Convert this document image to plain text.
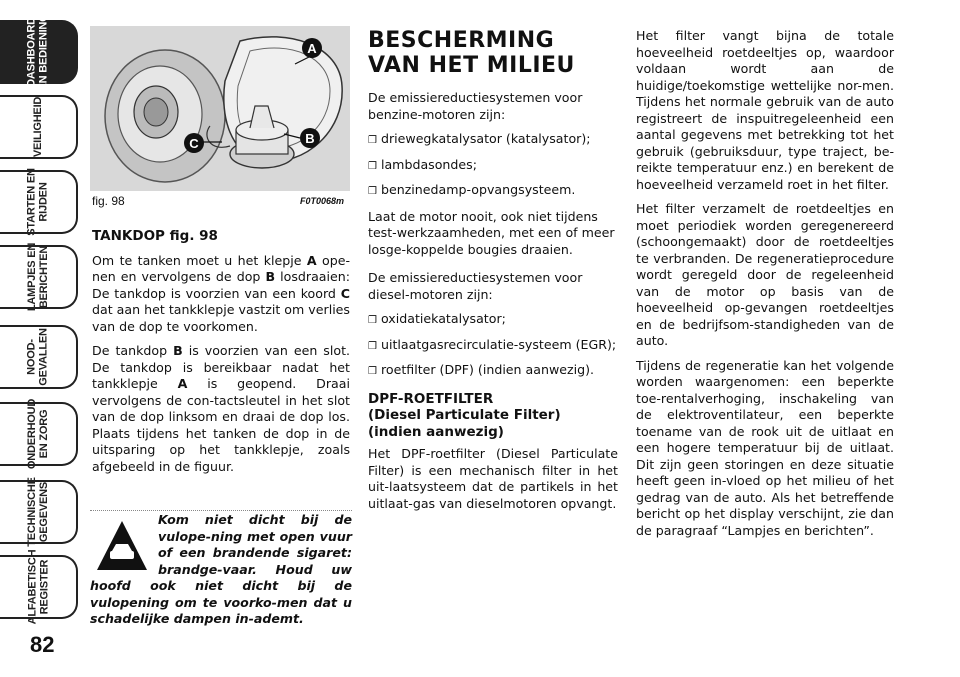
DASHBOARD
EN BEDIENING
VEILIGHEID
STARTEN EN
RIJDEN
LAMPJES EN
BERICHTEN
NOOD-
GEVALLEN
ONDERHOUD
EN ZORG
TECHNISCHE
GEGEVENS
ALFABETISCH
REGISTER
82
A
B
C
fig. 98	F0T0068m
TANKDOP fig. 98

Om te tanken moet u het klepje A ope-nen en vervolgens de dop B losdraaien: De tankdop is voorzien van een koord C dat aan het tankklepje vastzit om verlies van de dop te voorkomen.

De tankdop B is voorzien van een slot. De tankdop is bereikbaar nadat het tankklepje A is geopend. Draai vervolgens de con-tactsleutel in het slot van de dop linksom en draai de dop los. Plaats tijdens het tanken de dop in de uitsparing op het tankklepje, zoals afgebeeld in de figuur.

Kom niet dicht bij de vulope-ning met open vuur of een brandende sigaret: brandge-vaar. Houd uw hoofd ook niet dicht bij de vulopening om te voorko-men dat u schadelijke dampen in-ademt.
BESCHERMING
VAN HET MILIEU

De emissiereductiesystemen voor benzine-motoren zijn:

❒ driewegkatalysator (katalysator);
❒ lambdasondes;
❒ benzinedamp-opvangsysteem.

Laat de motor nooit, ook niet tijdens test-werkzaamheden, met een of meer losge-koppelde bougies draaien.

De emissiereductiesystemen voor diesel-motoren zijn:

❒ oxidatiekatalysator;
❒ uitlaatgasrecirculatie-systeem (EGR);
❒ roetfilter (DPF) (indien aanwezig).
DPF-ROETFILTER
(Diesel Particulate Filter)
(indien aanwezig)

Het DPF-roetfilter (Diesel Particulate Filter) is een mechanisch filter in het uit-laatsysteem dat de partikels in het uitlaat-gas van dieselmotoren opvangt.

Het filter vangt bijna de totale hoeveelheid roetdeeltjes op, waardoor voldaan wordt aan de huidige/toekomstige wettelijke nor-men. Tijdens het normale gebruik van de auto registreert de inspuitregeleenheid een aantal gegevens met betrekking tot het gebruik (gebruiksduur, type traject, be-reikte temperatuur enz.) en berekent de hoeveelheid verzameld roet in het filter.

Het filter verzamelt de roetdeeltjes en moet periodiek worden geregenereerd (schoongemaakt) door de roetdeeltjes te verbranden. De regeneratieprocedure wordt geregeld door de regeleenheid van de motor op basis van de hoeveelheid op-gevangen roetdeeltjes en de bedrijfsom-standigheden van de auto.

Tijdens de regeneratie kan het volgende worden waargenomen: een beperkte toe-rentalverhoging, inschakeling van de elektroventilateur, een beperkte toename van de rook uit de uitlaat en een hogere temperatuur bij de uitlaat. Dit zijn geen storingen en deze situatie heeft geen in-vloed op het milieu of het gedrag van de auto. Als het betreffende bericht op het display verschijnt, zie dan de paragraaf “Lampjes en berichten”.
